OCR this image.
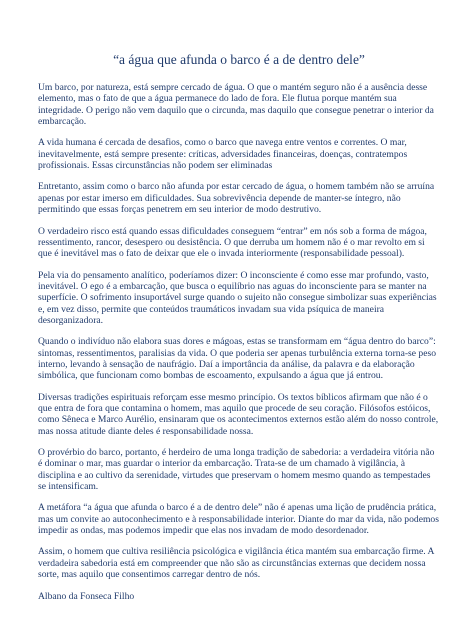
“a água que afunda o barco é a de dentro dele”

Um barco, por natureza, está sempre cercado de água. O que o mantém seguro não é a ausência desse elemento, mas o fato de que a água permanece do lado de fora. Ele flutua porque mantém sua integridade. O perigo não vem daquilo que o circunda, mas daquilo que consegue penetrar o interior da embarcação.

A vida humana é cercada de desafios, como o barco que navega entre ventos e correntes. O mar, inevitavelmente, está sempre presente: críticas, adversidades financeiras, doenças, contratempos profissionais. Essas circunstâncias não podem ser eliminadas

Entretanto, assim como o barco não afunda por estar cercado de água, o homem também não se arruína apenas por estar imerso em dificuldades. Sua sobrevivência depende de manter-se íntegro, não permitindo que essas forças penetrem em seu interior de modo destrutivo.

O verdadeiro risco está quando essas dificuldades conseguem “entrar” em nós sob a forma de mágoa, ressentimento, rancor, desespero ou desistência. O que derruba um homem não é o mar revolto em si que é inevitável mas o fato de deixar que ele o invada interiormente (responsabilidade pessoal).

Pela via do pensamento analítico, poderíamos dizer: O inconsciente é como esse mar profundo, vasto, inevitável. O ego é a embarcação, que busca o equilíbrio nas aguas do inconsciente para se manter na superfície. O sofrimento insuportável surge quando o sujeito não consegue simbolizar suas experiências e, em vez disso, permite que conteúdos traumáticos invadam sua vida psíquica de maneira desorganizadora.

Quando o indivíduo não elabora suas dores e mágoas, estas se transformam em “água dentro do barco”: sintomas, ressentimentos, paralisias da vida. O que poderia ser apenas turbulência externa torna-se peso interno, levando à sensação de naufrágio. Daí a importância da análise, da palavra e da elaboração simbólica, que funcionam como bombas de escoamento, expulsando a água que já entrou.

Diversas tradições espirituais reforçam esse mesmo princípio. Os textos bíblicos afirmam que não é o que entra de fora que contamina o homem, mas aquilo que procede de seu coração. Filósofos estóicos, como Sêneca e Marco Aurélio, ensinaram que os acontecimentos externos estão além do nosso controle, mas nossa atitude diante deles é responsabilidade nossa.

O provérbio do barco, portanto, é herdeiro de uma longa tradição de sabedoria: a verdadeira vitória não é dominar o mar, mas guardar o interior da embarcação. Trata-se de um chamado à vigilância, à disciplina e ao cultivo da serenidade, virtudes que preservam o homem mesmo quando as tempestades se intensificam.

A metáfora “a água que afunda o barco é a de dentro dele” não é apenas uma lição de prudência prática, mas um convite ao autoconhecimento e à responsabilidade interior. Diante do mar da vida, não podemos impedir as ondas, mas podemos impedir que elas nos invadam de modo desordenador.

Assim, o homem que cultiva resiliência psicológica e vigilância ética mantém sua embarcação firme. A verdadeira sabedoria está em compreender que não são as circunstâncias externas que decidem nossa sorte, mas aquilo que consentimos carregar dentro de nós.

Albano da Fonseca Filho
